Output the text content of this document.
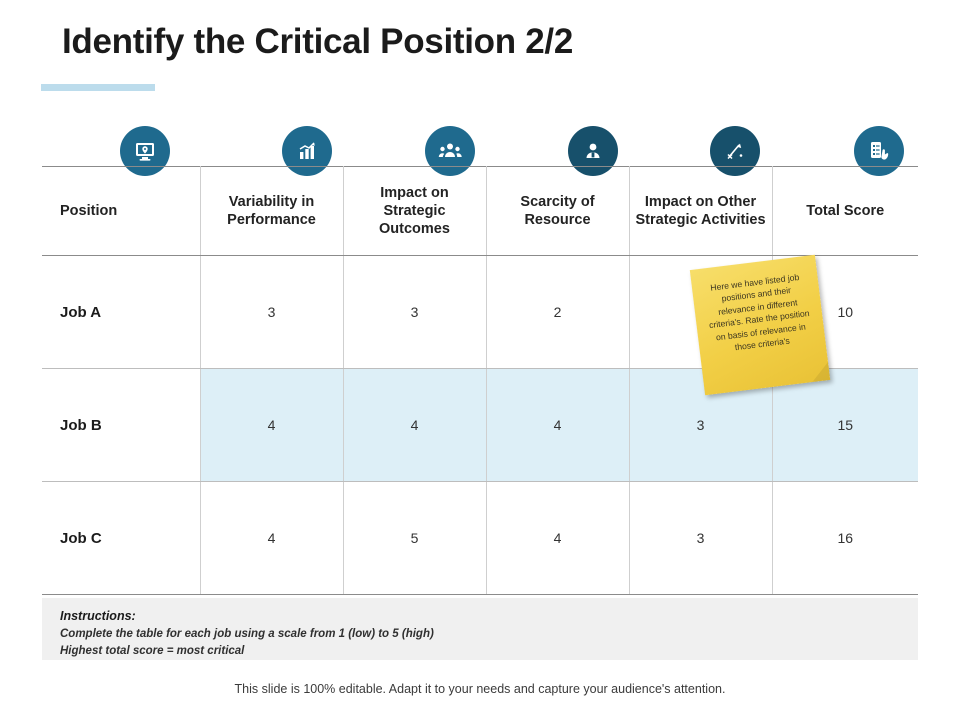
Identify the Critical Position 2/2
Position	Variability in Performance	Impact on Strategic Outcomes	Scarcity of Resource	Impact on Other Strategic Activities	Total Score
Job A	3	3	2		10
Job B	4	4	4	3	15
Job C	4	5	4	3	16
Here we have listed job positions and their relevance in different criteria's. Rate the position on basis of relevance in those criteria's
Instructions:
Complete the table for each job using a scale from 1 (low) to 5 (high)
Highest total score = most critical
This slide is 100% editable. Adapt it to your needs and capture your audience's attention.
